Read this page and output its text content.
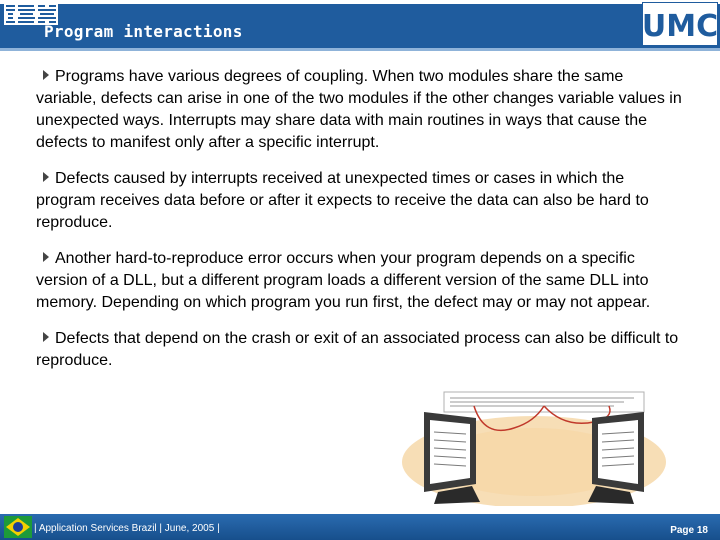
Program interactions	UMC
Programs have various degrees of coupling. When two modules share the same variable, defects can arise in one of the two modules if the other changes variable values in unexpected ways. Interrupts may share data with main routines in ways that cause the defects to manifest only after a specific interrupt.
Defects caused by interrupts received at unexpected times or cases in which the program receives data before or after it expects to receive the data can also be hard to reproduce.
Another hard-to-reproduce error occurs when your program depends on a specific version of a DLL, but a different program loads a different version of the same DLL into memory. Depending on which program you run first, the defect may or may not appear.
Defects that depend on the crash or exit of an associated process can also be difficult to reproduce.
| Application Services Brazil | June, 2005 |	Page 18
